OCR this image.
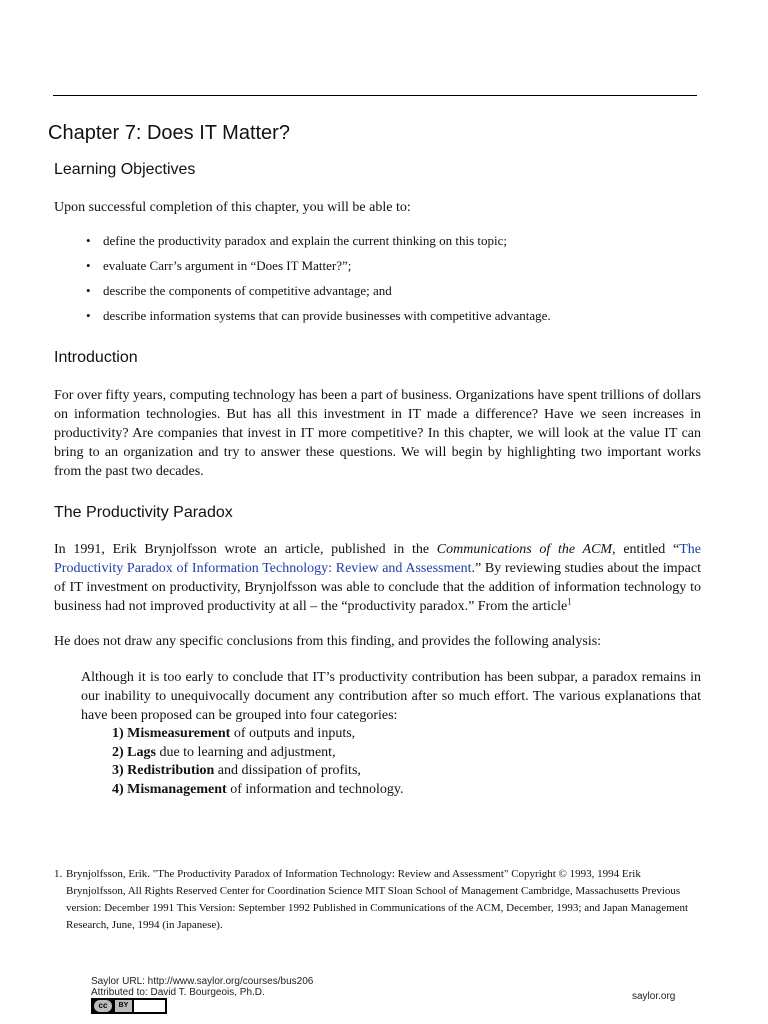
Chapter 7: Does IT Matter?
Learning Objectives
Upon successful completion of this chapter, you will be able to:
• define the productivity paradox and explain the current thinking on this topic;
• evaluate Carr’s argument in “Does IT Matter?”;
• describe the components of competitive advantage; and
• describe information systems that can provide businesses with competitive advantage.
Introduction
For over fifty years, computing technology has been a part of business. Organizations have spent trillions of dollars on information technologies. But has all this investment in IT made a difference? Have we seen increases in productivity? Are companies that invest in IT more competitive? In this chapter, we will look at the value IT can bring to an organization and try to answer these questions. We will begin by highlighting two important works from the past two decades.
The Productivity Paradox
In 1991, Erik Brynjolfsson wrote an article, published in the Communications of the ACM, entitled “The Productivity Paradox of Information Technology: Review and Assessment.” By reviewing studies about the impact of IT investment on productivity, Brynjolfsson was able to conclude that the addition of information technology to business had not improved productivity at all – the “productivity paradox.” From the article$^1$
He does not draw any specific conclusions from this finding, and provides the following analysis:
Although it is too early to conclude that IT’s productivity contribution has been subpar, a paradox remains in our inability to unequivocally document any contribution after so much effort. The various explanations that have been proposed can be grouped into four categories:
1) Mismeasurement of outputs and inputs,
2) Lags due to learning and adjustment,
3) Redistribution and dissipation of profits,
4) Mismanagement of information and technology.
1. Brynjolfsson, Erik. "The Productivity Paradox of Information Technology: Review and Assessment" Copyright © 1993, 1994 Erik Brynjolfsson, All Rights Reserved Center for Coordination Science MIT Sloan School of Management Cambridge, Massachusetts Previous version: December 1991 This Version: September 1992 Published in Communications of the ACM, December, 1993; and Japan Management Research, June, 1994 (in Japanese).
Saylor URL: http://www.saylor.org/courses/bus206
Attributed to: David T. Bourgeois, Ph.D.
cc	BY
saylor.org
